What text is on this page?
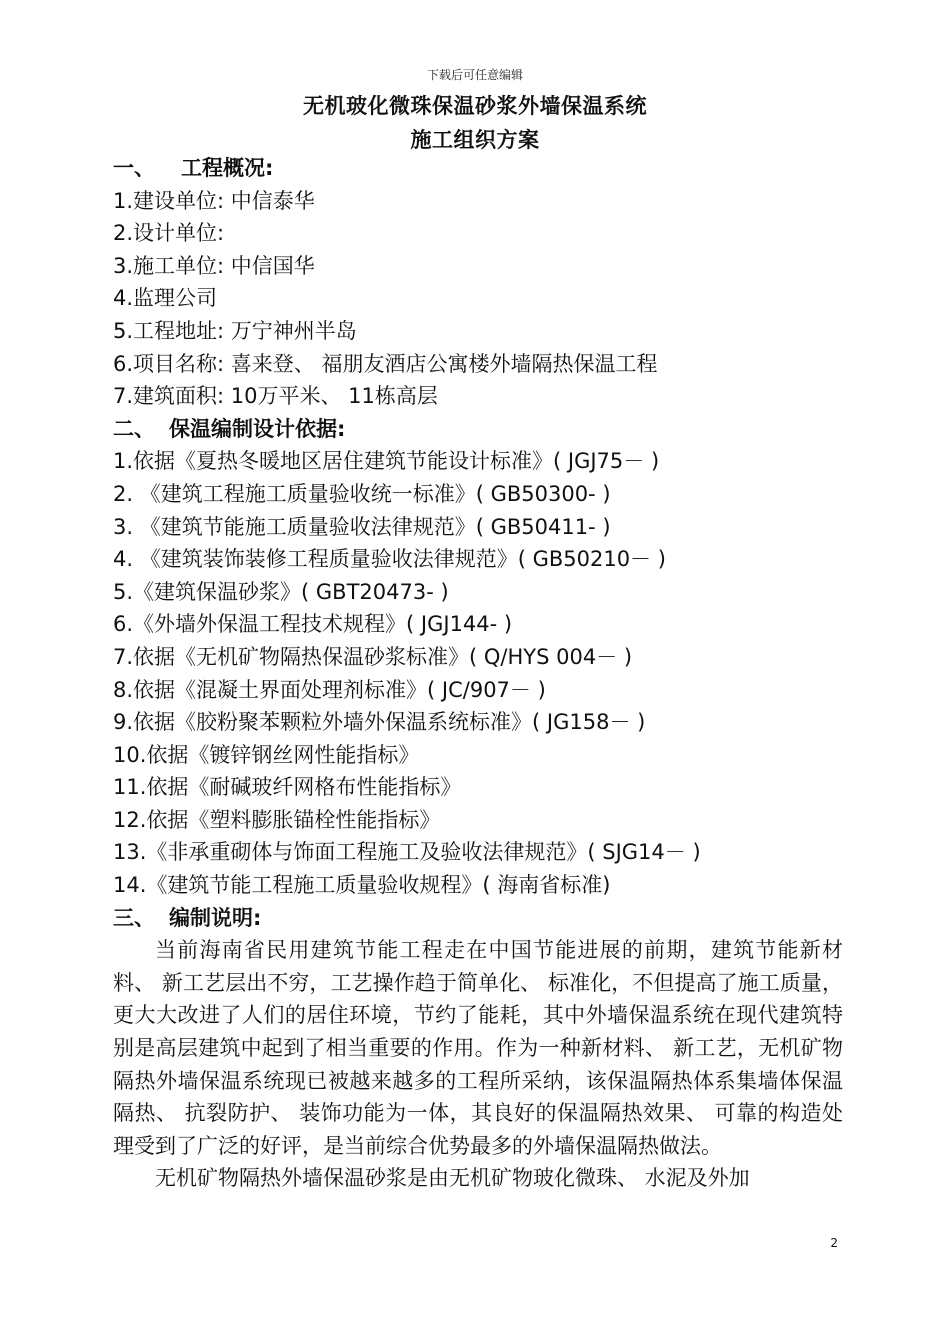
下载后可任意编辑
无机玻化微珠保温砂浆外墙保温系统
施工组织方案
一、 工程概况:
1.建设单位: 中信泰华
2.设计单位:
3.施工单位: 中信国华
4.监理公司
5.工程地址: 万宁神州半岛
6.项目名称: 喜来登、 福朋友酒店公寓楼外墙隔热保温工程
7.建筑面积: 10万平米、 11栋高层
二、 保温编制设计依据:
1.依据《夏热冬暖地区居住建筑节能设计标准》( JGJ75－ )
2. 《建筑工程施工质量验收统一标准》( GB50300- )
3. 《建筑节能施工质量验收法律规范》( GB50411- )
4. 《建筑装饰装修工程质量验收法律规范》( GB50210－ )
5.《建筑保温砂浆》( GBT20473- )
6.《外墙外保温工程技术规程》( JGJ144- )
7.依据《无机矿物隔热保温砂浆标准》( Q/HYS 004－ )
8.依据《混凝土界面处理剂标准》( JC/907－ )
9.依据《胶粉聚苯颗粒外墙外保温系统标准》( JG158－ )
10.依据《镀锌钢丝网性能指标》
11.依据《耐碱玻纤网格布性能指标》
12.依据《塑料膨胀锚栓性能指标》
13.《非承重砌体与饰面工程施工及验收法律规范》( SJG14－ )
14.《建筑节能工程施工质量验收规程》( 海南省标准)
三、 编制说明:

当前海南省民用建筑节能工程走在中国节能进展的前期，建筑节能新材料、 新工艺层出不穷，工艺操作趋于简单化、 标准化，不但提高了施工质量，更大大改进了人们的居住环境，节约了能耗，其中外墙保温系统在现代建筑特别是高层建筑中起到了相当重要的作用。作为一种新材料、 新工艺，无机矿物隔热外墙保温系统现已被越来越多的工程所采纳，该保温隔热体系集墙体保温隔热、 抗裂防护、 装饰功能为一体，其良好的保温隔热效果、 可靠的构造处理受到了广泛的好评，是当前综合优势最多的外墙保温隔热做法。

无机矿物隔热外墙保温砂浆是由无机矿物玻化微珠、 水泥及外加

2
